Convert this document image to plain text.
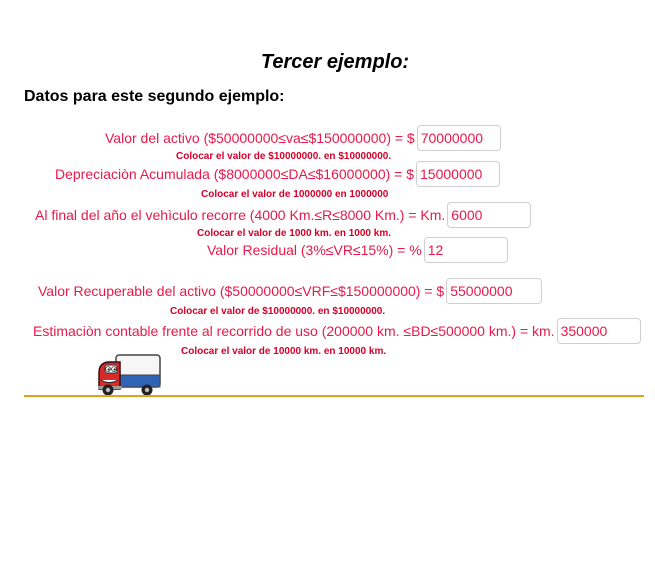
Tercer ejemplo:
Datos para este segundo ejemplo:
Valor del activo ($50000000≤va≤$150000000) = $
70000000
Colocar el valor de $10000000. en $10000000.
Depreciaciòn Acumulada ($8000000≤DA≤$16000000) = $
15000000
Colocar el valor de 1000000 en 1000000
Al final del año el vehìculo recorre (4000 Km.≤R≤8000 Km.) = Km.
6000
Colocar el valor de 1000 km. en 1000 km.
Valor Residual (3%≤VR≤15%) = %
12
Valor Recuperable del activo ($50000000≤VRF≤$150000000) = $
55000000
Colocar el valor de $10000000. en $10000000.
Estimaciòn contable frente al recorrido de uso (200000 km. ≤BD≤500000 km.) = km.
350000
Colocar el valor de 10000 km. en 10000 km.
